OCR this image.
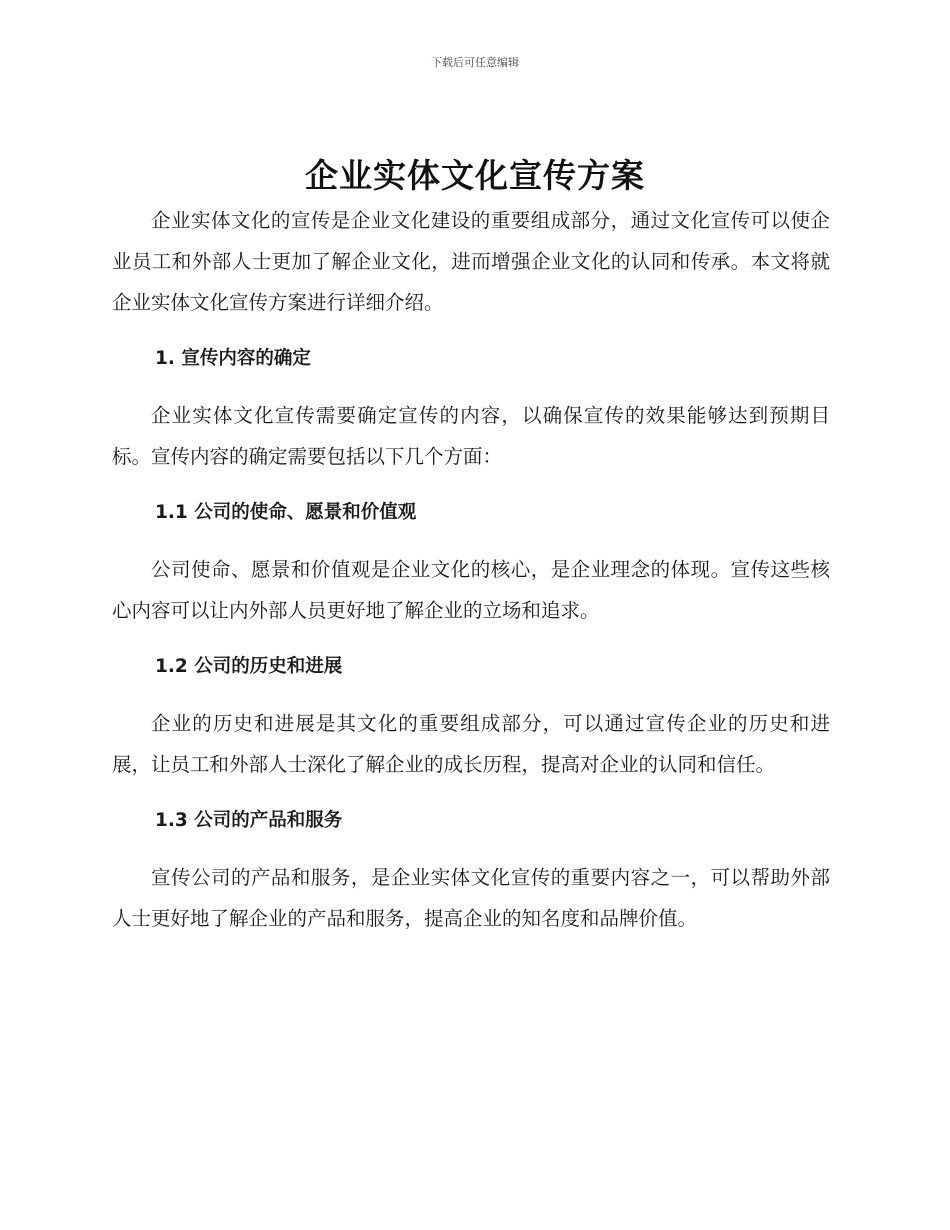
下载后可任意编辑
企业实体文化宣传方案

企业实体文化的宣传是企业文化建设的重要组成部分，通过文化宣传可以使企业员工和外部人士更加了解企业文化，进而增强企业文化的认同和传承。本文将就企业实体文化宣传方案进行详细介绍。

1. 宣传内容的确定

企业实体文化宣传需要确定宣传的内容，以确保宣传的效果能够达到预期目标。宣传内容的确定需要包括以下几个方面：

1.1 公司的使命、愿景和价值观

公司使命、愿景和价值观是企业文化的核心，是企业理念的体现。宣传这些核心内容可以让内外部人员更好地了解企业的立场和追求。

1.2 公司的历史和进展

企业的历史和进展是其文化的重要组成部分，可以通过宣传企业的历史和进展，让员工和外部人士深化了解企业的成长历程，提高对企业的认同和信任。

1.3 公司的产品和服务

宣传公司的产品和服务，是企业实体文化宣传的重要内容之一，可以帮助外部人士更好地了解企业的产品和服务，提高企业的知名度和品牌价值。
